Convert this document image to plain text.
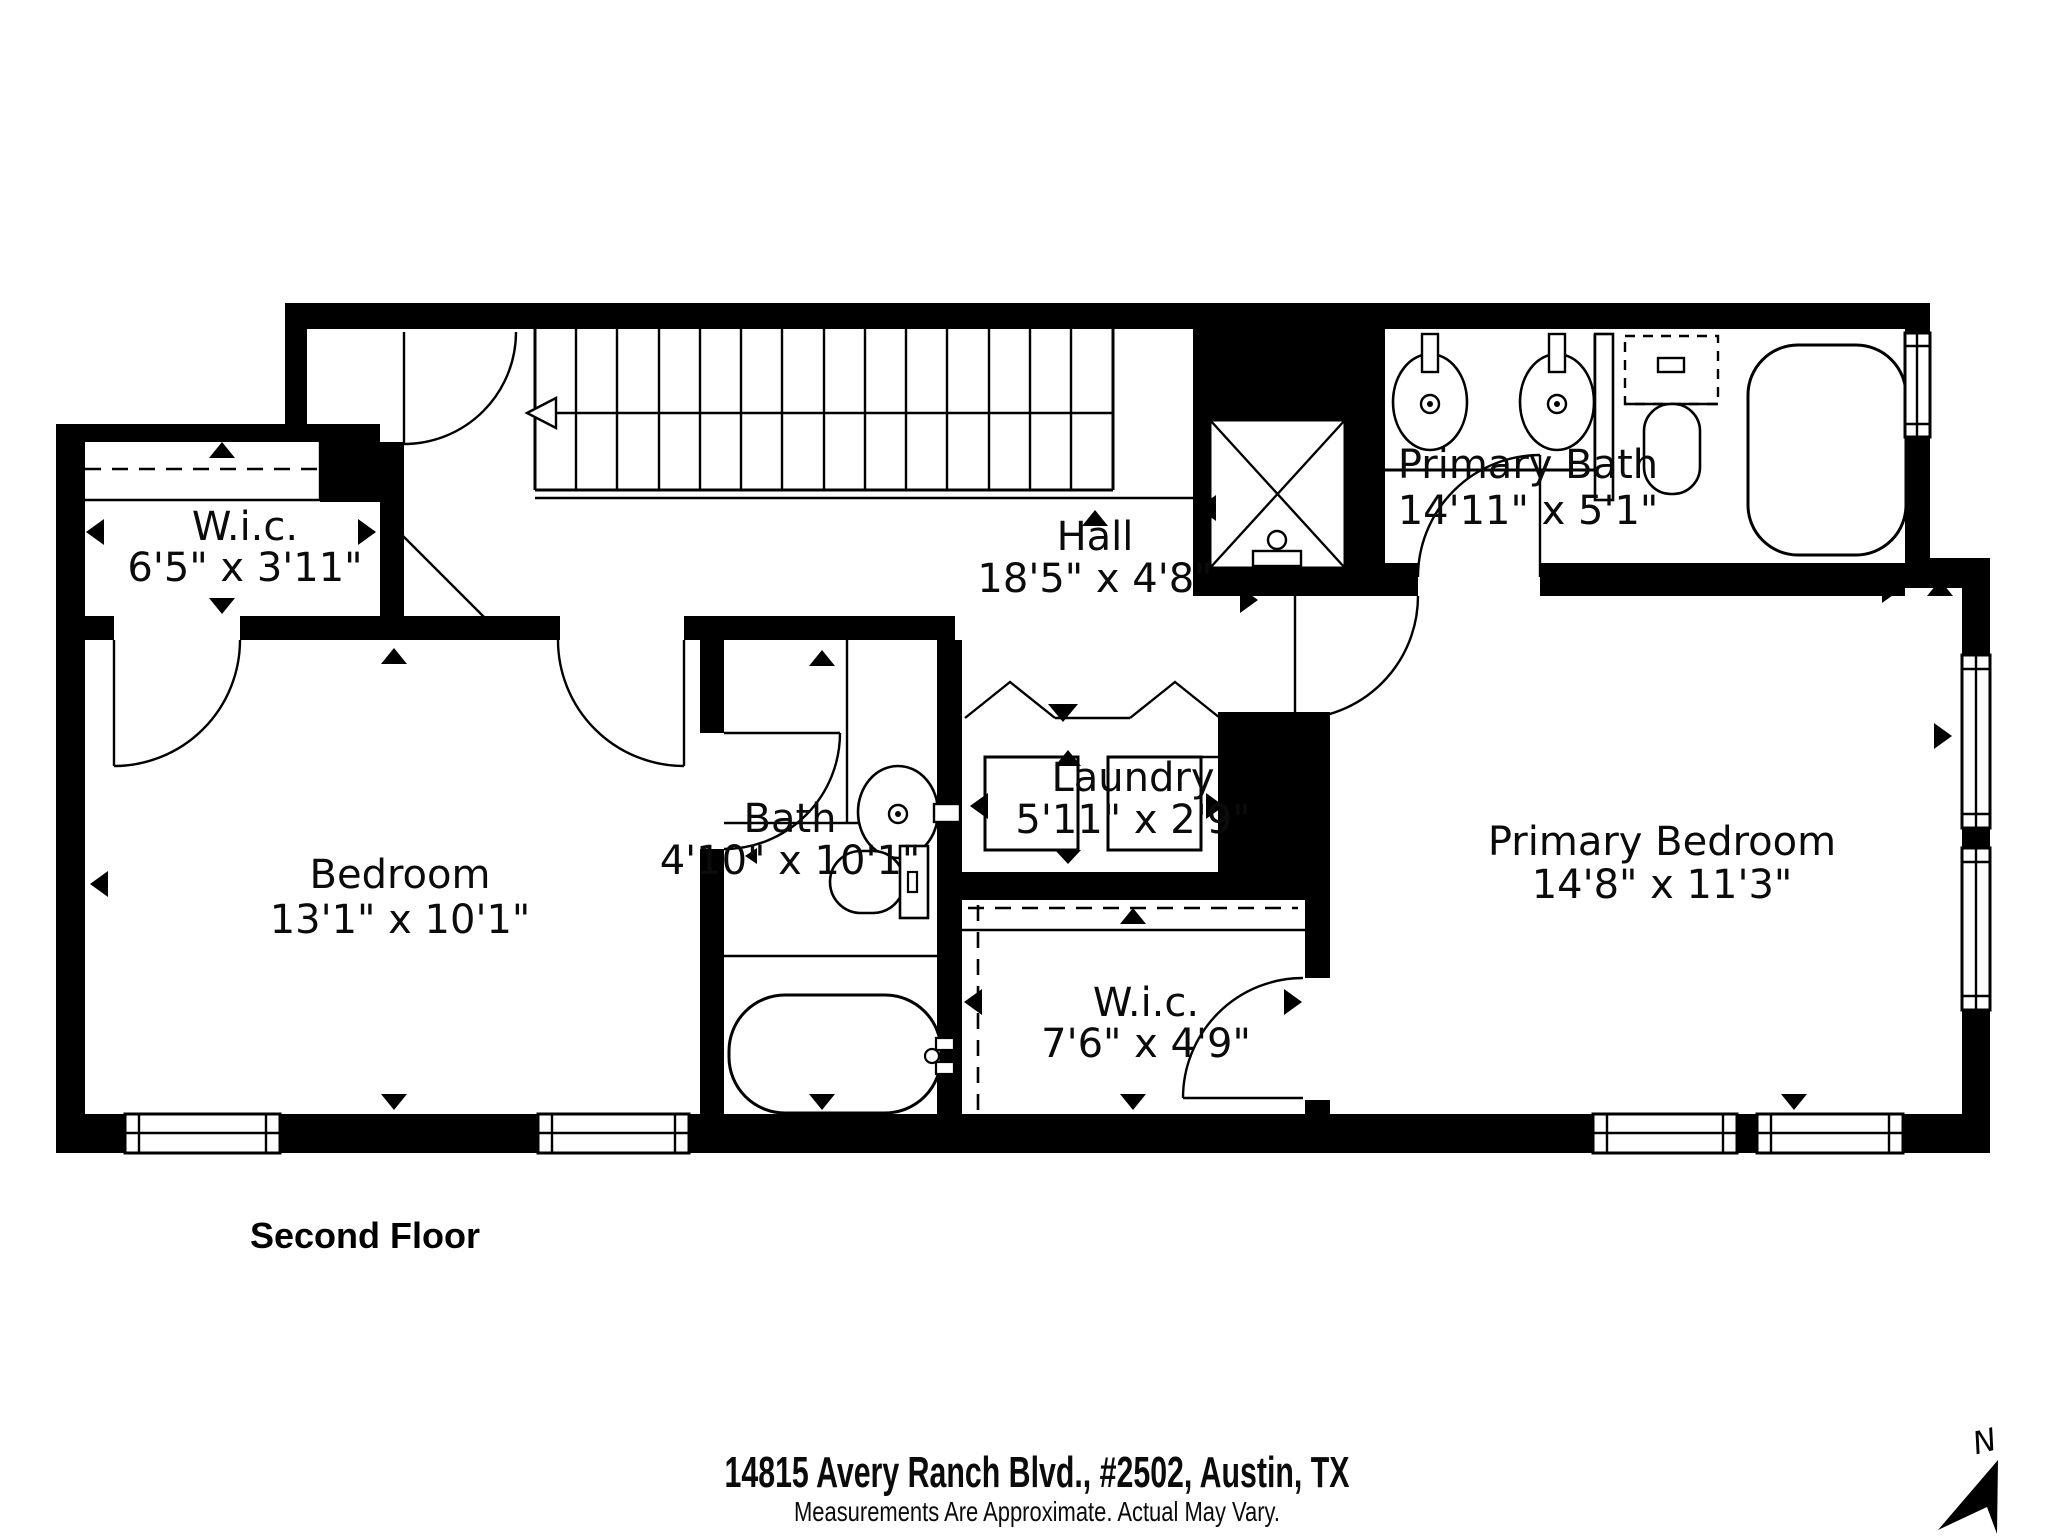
W.i.c.
6'5" x 3'11"
Hall
18'5" x 4'8"
Primary Bath
14'11" x 5'1"
Bedroom
13'1" x 10'1"
Bath
4'10" x 10'1"
Laundry
5'11" x 2'9"
W.i.c.
7'6" x 4'9"
Primary Bedroom
14'8" x 11'3"
Second Floor
14815 Avery Ranch Blvd., #2502, Austin, TX
Measurements Are Approximate. Actual May Vary.
N
